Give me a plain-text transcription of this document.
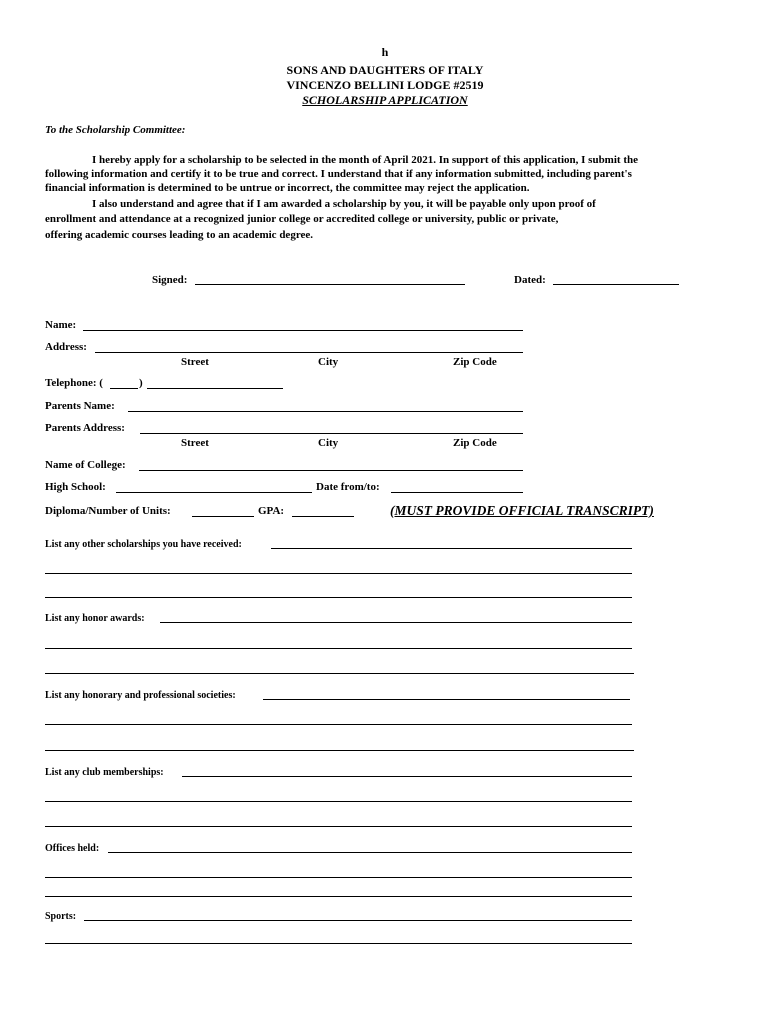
h
SONS AND DAUGHTERS OF ITALY
VINCENZO BELLINI LODGE #2519
SCHOLARSHIP APPLICATION
To the Scholarship Committee:
I hereby apply for a scholarship to be selected in the month of April 2021. In support of this application, I submit the
following information and certify it to be true and correct. I understand that if any information submitted, including parent's
financial information is determined to be untrue or incorrect, the committee may reject the application.
I also understand and agree that if I am awarded a scholarship by you, it will be payable only upon proof of
enrollment and attendance at a recognized junior college or accredited college or university, public or private,
offering academic courses leading to an academic degree.
Signed:	Dated:
Name:
Address:
Street	City	Zip Code
Telephone: (	)
Parents Name:
Parents Address:
Street	City	Zip Code
Name of College:
High School:	Date from/to:
Diploma/Number of Units:	GPA:	(MUST PROVIDE OFFICIAL TRANSCRIPT)
List any other scholarships you have received:
List any honor awards:
List any honorary and professional societies:
List any club memberships:
Offices held:
Sports:
